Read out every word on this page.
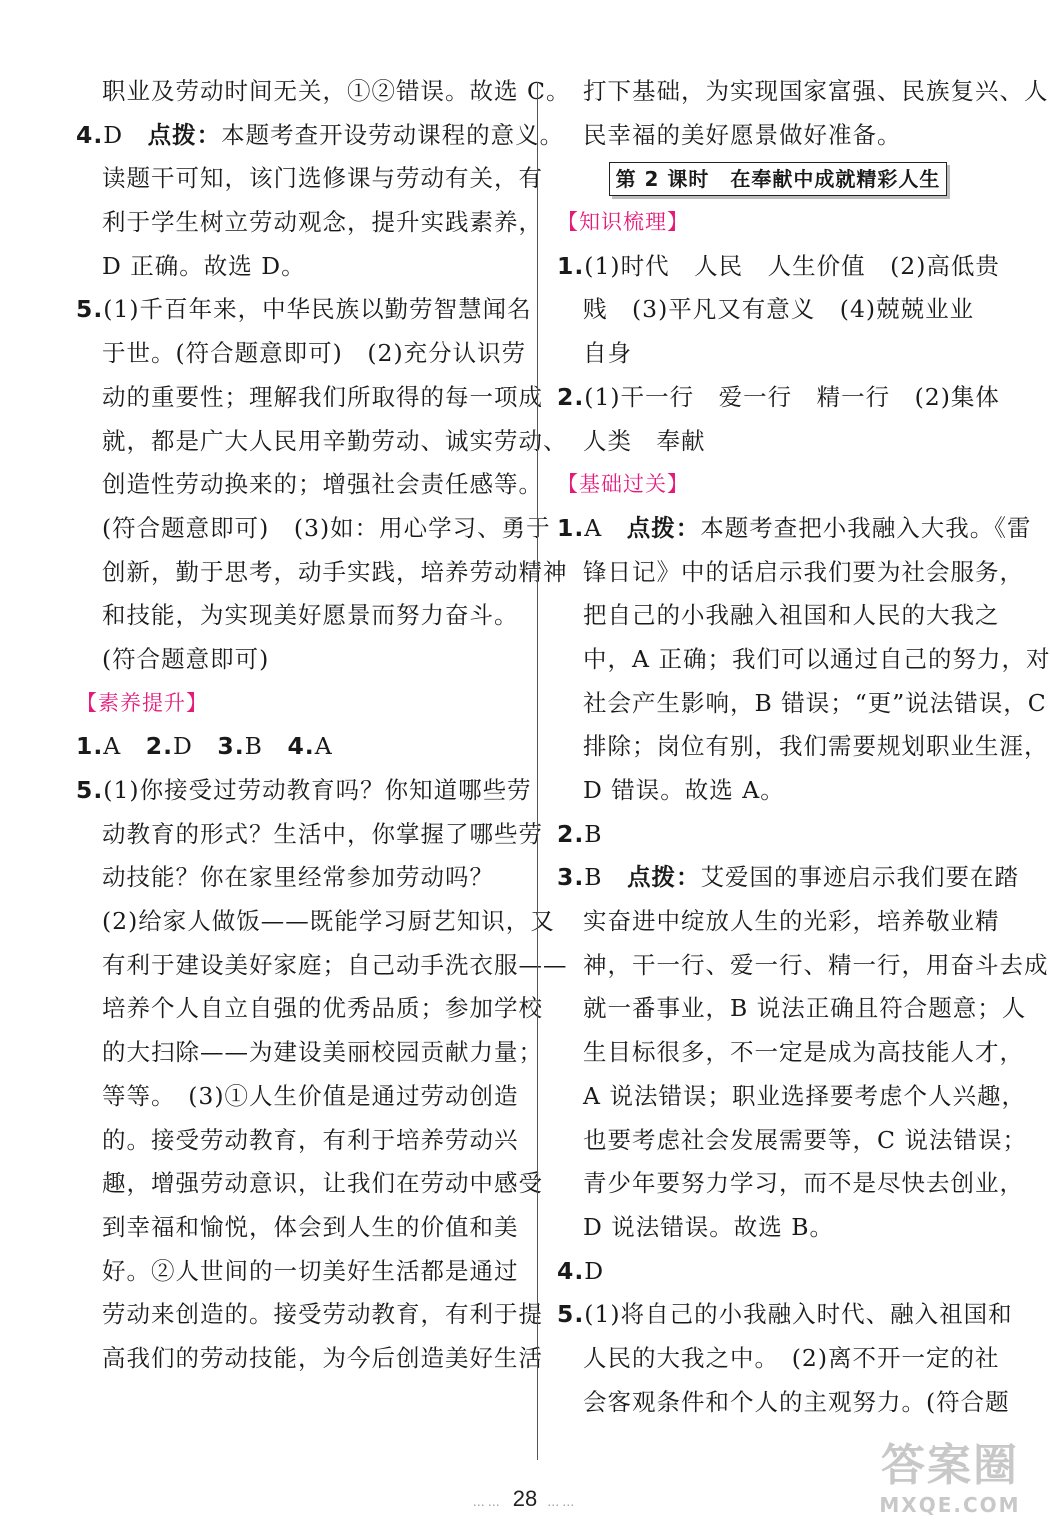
职业及劳动时间无关，①②错误。故选 C。
4.D　 点拨：本题考查开设劳动课程的意义。
读题干可知，该门选修课与劳动有关，有
利于学生树立劳动观念，提升实践素养，
D 正确。故选 D。
5.(1)千百年来，中华民族以勤劳智慧闻名
于世。(符合题意即可)　(2)充分认识劳
动的重要性；理解我们所取得的每一项成
就，都是广大人民用辛勤劳动、诚实劳动、
创造性劳动换来的；增强社会责任感等。
(符合题意即可)　(3)如：用心学习、勇于
创新，勤于思考，动手实践，培养劳动精神
和技能，为实现美好愿景而努力奋斗。
(符合题意即可)
【素养提升】
1.A　 2.D　 3.B　 4.A
5.(1)你接受过劳动教育吗？你知道哪些劳
动教育的形式？生活中，你掌握了哪些劳
动技能？你在家里经常参加劳动吗？
(2)给家人做饭——既能学习厨艺知识，又
有利于建设美好家庭；自己动手洗衣服——
培养个人自立自强的优秀品质；参加学校
的大扫除——为建设美丽校园贡献力量；
等等。　(3)①人生价值是通过劳动创造
的。接受劳动教育，有利于培养劳动兴
趣，增强劳动意识，让我们在劳动中感受
到幸福和愉悦，体会到人生的价值和美
好。②人世间的一切美好生活都是通过
劳动来创造的。接受劳动教育，有利于提
高我们的劳动技能，为今后创造美好生活
打下基础，为实现国家富强、民族复兴、人
民幸福的美好愿景做好准备。
第 2 课时　在奉献中成就精彩人生
【知识梳理】
1.(1)时代　人民　人生价值　(2)高低贵
贱　(3)平凡又有意义　(4)兢兢业业
自身
2.(1)干一行　爱一行　精一行　(2)集体
人类　奉献
【基础过关】
1.A　 点拨：本题考查把小我融入大我。《雷
锋日记》中的话启示我们要为社会服务，
把自己的小我融入祖国和人民的大我之
中，A 正确；我们可以通过自己的努力，对
社会产生影响，B 错误；“更”说法错误，C
排除；岗位有别，我们需要规划职业生涯，
D 错误。故选 A。
2.B
3.B　 点拨：艾爱国的事迹启示我们要在踏
实奋进中绽放人生的光彩，培养敬业精
神，干一行、爱一行、精一行，用奋斗去成
就一番事业，B 说法正确且符合题意；人
生目标很多，不一定是成为高技能人才，
A 说法错误；职业选择要考虑个人兴趣，
也要考虑社会发展需要等，C 说法错误；
青少年要努力学习，而不是尽快去创业，
D 说法错误。故选 B。
4.D
5.(1)将自己的小我融入时代、融入祖国和
人民的大我之中。　(2)离不开一定的社
会客观条件和个人的主观努力。(符合题
…… 28 ……
答案圈
MXQE.COM
